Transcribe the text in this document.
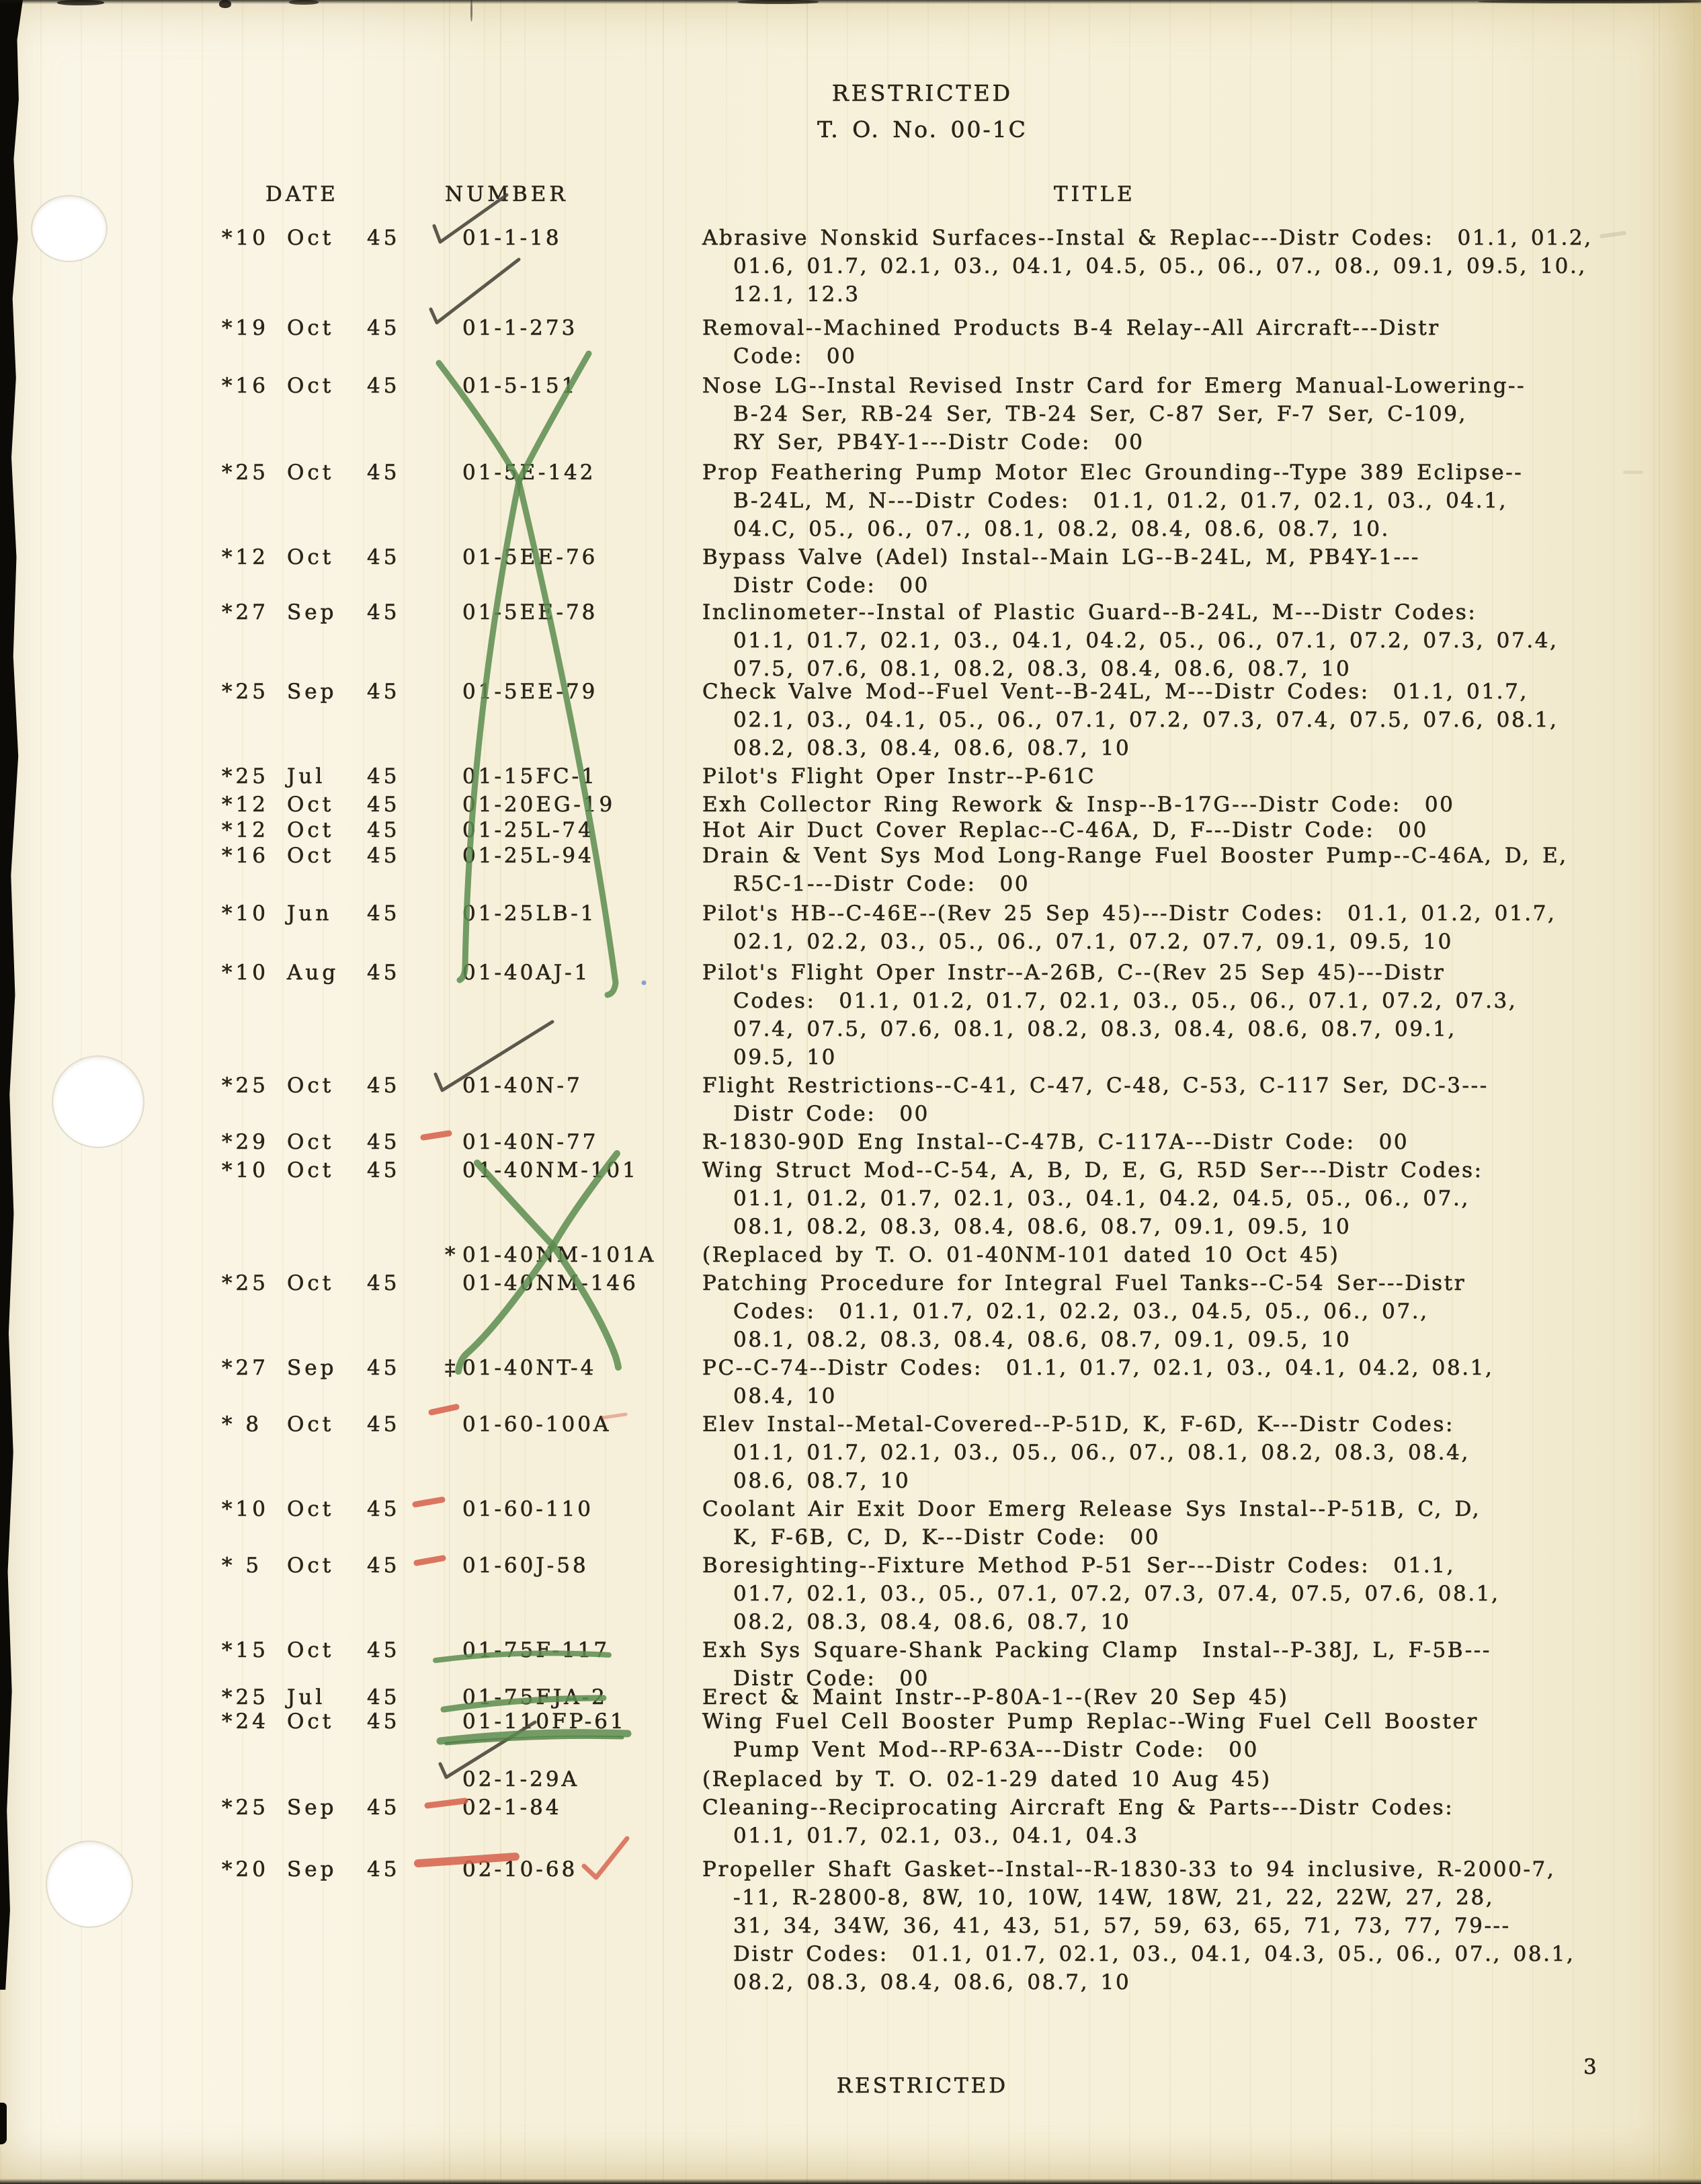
RESTRICTED
T. O. No. 00-1C
DATE	NUMBER	TITLE
*10 Oct 45	01-1-18	Abrasive Nonskid Surfaces--Instal & Replac---Distr Codes:  01.1, 01.2,
01.6, 01.7, 02.1, 03., 04.1, 04.5, 05., 06., 07., 08., 09.1, 09.5, 10.,
12.1, 12.3
*19 Oct 45	01-1-273	Removal--Machined Products B-4 Relay--All Aircraft---Distr
Code:  00
*16 Oct 45	01-5-151	Nose LG--Instal Revised Instr Card for Emerg Manual-Lowering--
B-24 Ser, RB-24 Ser, TB-24 Ser, C-87 Ser, F-7 Ser, C-109,
RY Ser, PB4Y-1---Distr Code:  00
*25 Oct 45	01-5E-142	Prop Feathering Pump Motor Elec Grounding--Type 389 Eclipse--
B-24L, M, N---Distr Codes:  01.1, 01.2, 01.7, 02.1, 03., 04.1,
04.C, 05., 06., 07., 08.1, 08.2, 08.4, 08.6, 08.7, 10.
*12 Oct 45	01-5EE-76	Bypass Valve (Adel) Instal--Main LG--B-24L, M, PB4Y-1---
Distr Code:  00
*27 Sep 45	01-5EE-78	Inclinometer--Instal of Plastic Guard--B-24L, M---Distr Codes:
01.1, 01.7, 02.1, 03., 04.1, 04.2, 05., 06., 07.1, 07.2, 07.3, 07.4,
07.5, 07.6, 08.1, 08.2, 08.3, 08.4, 08.6, 08.7, 10
*25 Sep 45	01-5EE-79	Check Valve Mod--Fuel Vent--B-24L, M---Distr Codes:  01.1, 01.7,
02.1, 03., 04.1, 05., 06., 07.1, 07.2, 07.3, 07.4, 07.5, 07.6, 08.1,
08.2, 08.3, 08.4, 08.6, 08.7, 10
*25 Jul 45	01-15FC-1	Pilot's Flight Oper Instr--P-61C
*12 Oct 45	01-20EG-19	Exh Collector Ring Rework & Insp--B-17G---Distr Code:  00
*12 Oct 45	01-25L-74	Hot Air Duct Cover Replac--C-46A, D, F---Distr Code:  00
*16 Oct 45	01-25L-94	Drain & Vent Sys Mod Long-Range Fuel Booster Pump--C-46A, D, E,
R5C-1---Distr Code:  00
*10 Jun 45	01-25LB-1	Pilot's HB--C-46E--(Rev 25 Sep 45)---Distr Codes:  01.1, 01.2, 01.7,
02.1, 02.2, 03., 05., 06., 07.1, 07.2, 07.7, 09.1, 09.5, 10
*10 Aug 45	01-40AJ-1	Pilot's Flight Oper Instr--A-26B, C--(Rev 25 Sep 45)---Distr
Codes:  01.1, 01.2, 01.7, 02.1, 03., 05., 06., 07.1, 07.2, 07.3,
07.4, 07.5, 07.6, 08.1, 08.2, 08.3, 08.4, 08.6, 08.7, 09.1,
09.5, 10
*25 Oct 45	01-40N-7	Flight Restrictions--C-41, C-47, C-48, C-53, C-117 Ser, DC-3---
Distr Code:  00
*29 Oct 45	01-40N-77	R-1830-90D Eng Instal--C-47B, C-117A---Distr Code:  00
*10 Oct 45	01-40NM-101	Wing Struct Mod--C-54, A, B, D, E, G, R5D Ser---Distr Codes:
01.1, 01.2, 01.7, 02.1, 03., 04.1, 04.2, 04.5, 05., 06., 07.,
08.1, 08.2, 08.3, 08.4, 08.6, 08.7, 09.1, 09.5, 10
* 01-40NM-101A (Replaced by T. O. 01-40NM-101 dated 10 Oct 45)
*25 Oct 45	01-40NM-146	Patching Procedure for Integral Fuel Tanks--C-54 Ser---Distr
Codes:  01.1, 01.7, 02.1, 02.2, 03., 04.5, 05., 06., 07.,
08.1, 08.2, 08.3, 08.4, 08.6, 08.7, 09.1, 09.5, 10
*27 Sep 45 ‡ 01-40NT-4	PC--C-74--Distr Codes:  01.1, 01.7, 02.1, 03., 04.1, 04.2, 08.1,
08.4, 10
* 8	Oct 45	01-60-100A	Elev Instal--Metal-Covered--P-51D, K, F-6D, K---Distr Codes:
01.1, 01.7, 02.1, 03., 05., 06., 07., 08.1, 08.2, 08.3, 08.4,
08.6, 08.7, 10
*10 Oct 45	01-60-110	Coolant Air Exit Door Emerg Release Sys Instal--P-51B, C, D,
K, F-6B, C, D, K---Distr Code:  00
* 5	Oct 45	01-60J-58	Boresighting--Fixture Method P-51 Ser---Distr Codes:  01.1,
01.7, 02.1, 03., 05., 07.1, 07.2, 07.3, 07.4, 07.5, 07.6, 08.1,
08.2, 08.3, 08.4, 08.6, 08.7, 10
*15 Oct 45	01-75F-117	Exh Sys Square-Shank Packing Clamp  Instal--P-38J, L, F-5B---
Distr Code:  00
*25 Jul 45	01-75FJA-2	Erect & Maint Instr--P-80A-1--(Rev 20 Sep 45)
*24 Oct 45	01-110FP-61	Wing Fuel Cell Booster Pump Replac--Wing Fuel Cell Booster
Pump Vent Mod--RP-63A---Distr Code:  00
02-1-29A	(Replaced by T. O. 02-1-29 dated 10 Aug 45)
*25 Sep 45	02-1-84	Cleaning--Reciprocating Aircraft Eng & Parts---Distr Codes:
01.1, 01.7, 02.1, 03., 04.1, 04.3
*20 Sep 45	02-10-68	Propeller Shaft Gasket--Instal--R-1830-33 to 94 inclusive, R-2000-7,
-11, R-2800-8, 8W, 10, 10W, 14W, 18W, 21, 22, 22W, 27, 28,
31, 34, 34W, 36, 41, 43, 51, 57, 59, 63, 65, 71, 73, 77, 79---
Distr Codes:  01.1, 01.7, 02.1, 03., 04.1, 04.3, 05., 06., 07., 08.1,
08.2, 08.3, 08.4, 08.6, 08.7, 10
RESTRICTED
3
